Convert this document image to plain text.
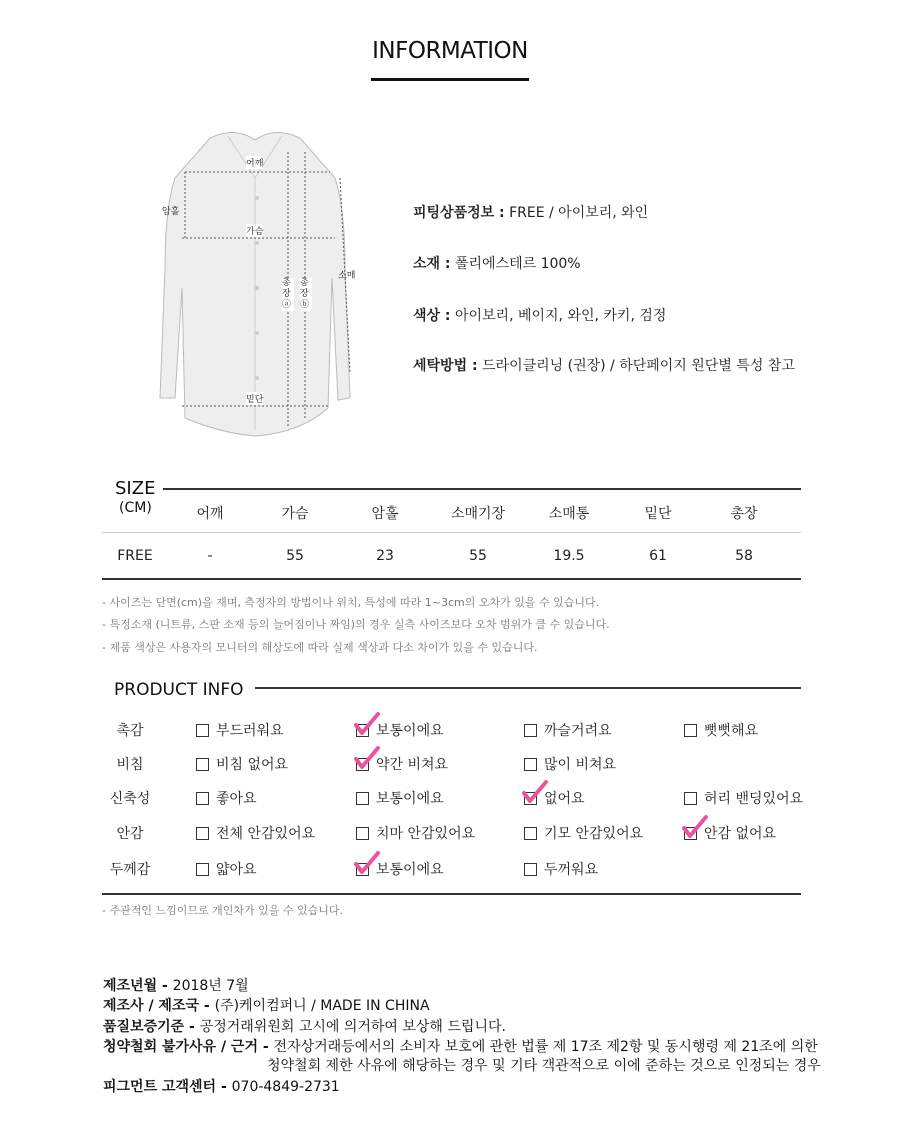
INFORMATION
어깨
암홀
가슴
소매
총장ⓐ
총장ⓑ
밑단
피팅상품정보 : FREE / 아이보리, 와인
소재 : 폴리에스테르 100%
색상 : 아이보리, 베이지, 와인, 카키, 검정
세탁방법 : 드라이클리닝 (권장) / 하단페이지 원단별 특성 참고
SIZE
(CM)	어깨	가슴	암홀	소매기장	소매통	밑단	총장
FREE	-	55	23	55	19.5	61	58
- 사이즈는 단면(cm)을 재며, 측정자의 방법이나 위치, 특성에 따라 1~3cm의 오차가 있을 수 있습니다.
- 특정소재 (니트류, 스판 소재 등의 늘어짐이나 짜임)의 경우 실측 사이즈보다 오차 범위가 클 수 있습니다.
- 제품 색상은 사용자의 모니터의 해상도에 따라 실제 색상과 다소 차이가 있을 수 있습니다.
PRODUCT INFO
촉감	부드러워요	보통이에요	까슬거려요	뻣뻣해요
비침	비침 없어요	약간 비쳐요	많이 비쳐요
신축성	좋아요	보통이에요	없어요	허리 밴딩있어요
안감	전체 안감있어요	치마 안감있어요	기모 안감있어요	안감 없어요
두께감	얇아요	보통이에요	두꺼워요
- 주관적인 느낌이므로 개인차가 있을 수 있습니다.
제조년월 - 2018년 7월
제조사 / 제조국 - (주)케이컴퍼니 / MADE IN CHINA
품질보증기준 - 공정거래위원회 고시에 의거하여 보상해 드립니다.
청약철회 불가사유 / 근거 - 전자상거래등에서의 소비자 보호에 관한 법률 제 17조 제2항 및 동시행령 제 21조에 의한
청약철회 제한 사유에 해당하는 경우 및 기타 객관적으로 이에 준하는 것으로 인정되는 경우
피그먼트 고객센터 - 070-4849-2731
